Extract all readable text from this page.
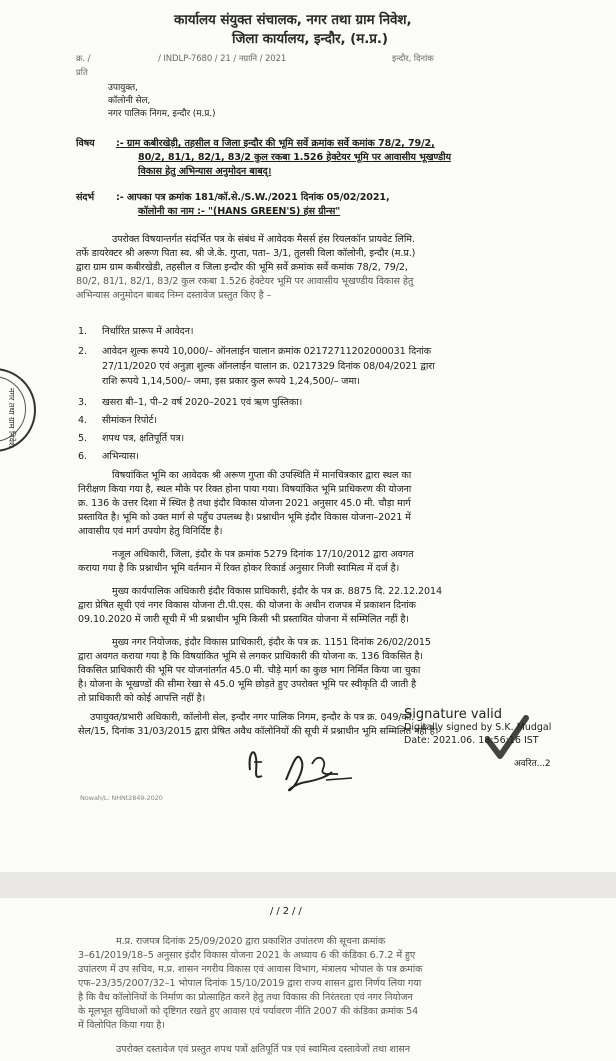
नगर तथा ग्राम निवेश
कार्यालय संयुक्त संचालक, नगर तथा ग्राम निवेश,
जिला कार्यालय, इन्दौर, (म.प्र.)
क्र. /
प्रति
/ INDLP-7680 / 21 / नग्रानि / 2021	इन्दौर, दिनांक
उपायुक्त,
कॉलोनी सेल,
नगर पालिक निगम, इन्दौर (म.प्र.)
विषय :- ग्राम कबीरखेड़ी, तहसील व जिला इन्दौर की भूमि सर्वे क्रमांक सर्वे कमांक 78/2, 79/2,
80/2, 81/1, 82/1, 83/2 कुल रकबा 1.526 हेक्टेयर भूमि पर आवासीय भूखण्डीय
विकास हेतु अभिन्यास अनुमोदन बाबद्।
संदर्भ :- आपका पत्र क्रमांक 181/कॉ.से./S.W./2021 दिनांक 05/02/2021,
कॉलोनी का नाम :- "(HANS GREEN'S) हंस ग्रीन्स"
उपरोक्त विषयान्तर्गत संदर्भित पत्र के संबंध में आवेदक मैसर्स हंस रियलकॉन प्रायवेट लिमि.
तर्फे डायरेक्टर श्री अरूण पिता स्व. श्री जे.के. गुप्ता, पता– 3/1, तुलसी विला कॉलोनी, इन्दौर (म.प्र.)
द्वारा ग्राम ग्राम कबीरखेडी, तहसील व जिला इन्दौर की भूमि सर्वे क्रमांक सर्वे कमांक 78/2, 79/2,
80/2, 81/1, 82/1, 83/2 कुल रकबा 1.526 हेक्टेयर भूमि पर आवासीय भूखण्डीय विकास हेतु
अभिन्यास अनुमोदन बाबद निम्न दस्तावेज प्रस्तुत किए है –
1. निर्धारित प्रारूप में आवेदन।
2. आवेदन शुल्क रूपये 10,000/– ऑनलाईन चालान क्रमांक 02172711202000031 दिनांक
27/11/2020 एवं अनुज्ञा शुल्क ऑनलाईन चालान क्र. 0217329 दिनांक 08/04/2021 द्वारा
राशि रूपये 1,14,500/– जमा, इस प्रकार कुल रूपये 1,24,500/– जमा।
3. खसरा बी–1, पी–2 वर्ष 2020–2021 एवं ऋण पुस्तिका।
4. सीमांकन रिपोर्ट।
5. शपथ पत्र, क्षतिपूर्ति पत्र।
6. अभिन्यास।
विषयांकित भूमि का आवेदक श्री अरूण गुप्ता की उपस्थिति में मानचित्रकार द्वारा स्थल का
निरीक्षण किया गया है, स्थल मौके पर रिक्त होना पाया गया। विषयांकित भूमि प्राधिकरण की योजना
क्र. 136 के उत्तर दिशा में स्थित है तथा इंदौर विकास योजना 2021 अनुसार 45.0 मी. चौड़ा मार्ग
प्रस्तावित है। भूमि को उक्त मार्ग से पहुँच उपलब्ध है। प्रश्नाधीन भूमि इंदौर विकास योजना–2021 में
आवासीय एवं मार्ग उपयोग हेतु विनिर्दिष्ट है।
नजूल अधिकारी, जिला, इंदौर के पत्र क्रमांक 5279 दिनांक 17/10/2012 द्वारा अवगत
कराया गया है कि प्रश्नाधीन भूमि वर्तमान में रिक्त होकर रिकार्ड अनुसार निजी स्वामित्व में दर्ज है।
मुख्य कार्यपालिक अधिकारी इंदौर विकास प्राधिकारी, इंदौर के पत्र क्र. 8875 दि. 22.12.2014
द्वारा प्रेषित सूची एवं नगर विकास योजना टी.पी.एस. की योजना के अधीन राजपत्र में प्रकाशन दिनांक
09.10.2020 में जारी सूची में भी प्रश्नाधीन भूमि किसी भी प्रस्तावित योजना में सम्मिलित नहीं है।
मुख्य नगर नियोजक, इंदौर विकास प्राधिकारी, इंदौर के पत्र क्र. 1151 दिनांक 26/02/2015
द्वारा अवगत कराया गया है कि विषयांकित भूमि से लगकर प्राधिकारी की योजना क. 136 विकसित है।
विकसित प्राधिकारी की भूमि पर योजनांतर्गत 45.0 मी. चौड़े मार्ग का कुछ भाग निर्मित किया जा चुका
है। योजना के भूखण्डों की सीमा रेखा से 45.0 भूमि छोड़ते हुए उपरोक्त भूमि पर स्वीकृति दी जाती है
तो प्राधिकारी को कोई आपत्ति नहीं है।
उपायुक्त/प्रभारी अधिकारी, कॉलोनी सेल, इन्दौर नगर पालिक निगम, इन्दौर के पत्र क्र. 049/कॉ.
सेल/15, दिनांक 31/03/2015 द्वारा प्रेषित अवैध कॉलोनियों की सूची में प्रश्नाधीन भूमि सम्मिलित नहीं है।
Signature valid
Digitally signed by S.K. Mudgal
Date: 2021.06. 18:56:16 IST
अवरित...2
Nowah/L: NHNt2849-2020
/ / 2 / /
म.प्र. राजपत्र दिनांक 25/09/2020 द्वारा प्रकाशित उपांतरण की सूचना क्रमांक
3–61/2019/18–5 अनुसार इंदौर विकास योजना 2021 के अध्याय 6 की कंडिका 6.7.2 में हुए
उपांतरण में उप सचिव, म.प्र. शासन नगरीय विकास एवं आवास विभाग, मंत्रालय भोपाल के पत्र क्रमांक
एफ–23/35/2007/32–1 भोपाल दिनांक 15/10/2019 द्वारा राज्य शासन द्वारा निर्णय लिया गया
है कि वैध कॉलोनियों के निर्माण का प्रोत्साहित करने हेतु तथा विकास की निरंतरता एवं नगर नियोजन
के मूलभूत सुविधाओं को दृष्टिगत रखते हुए आवास एवं पर्यावरण नीति 2007 की कंडिका क्रमांक 54
में विलोपित किया गया है।
उपरोक्त दस्तावेज एवं प्रस्तुत शपथ पत्रों क्षतिपूर्ति पत्र एवं स्वामित्व दस्तावेजों तथा शासन
